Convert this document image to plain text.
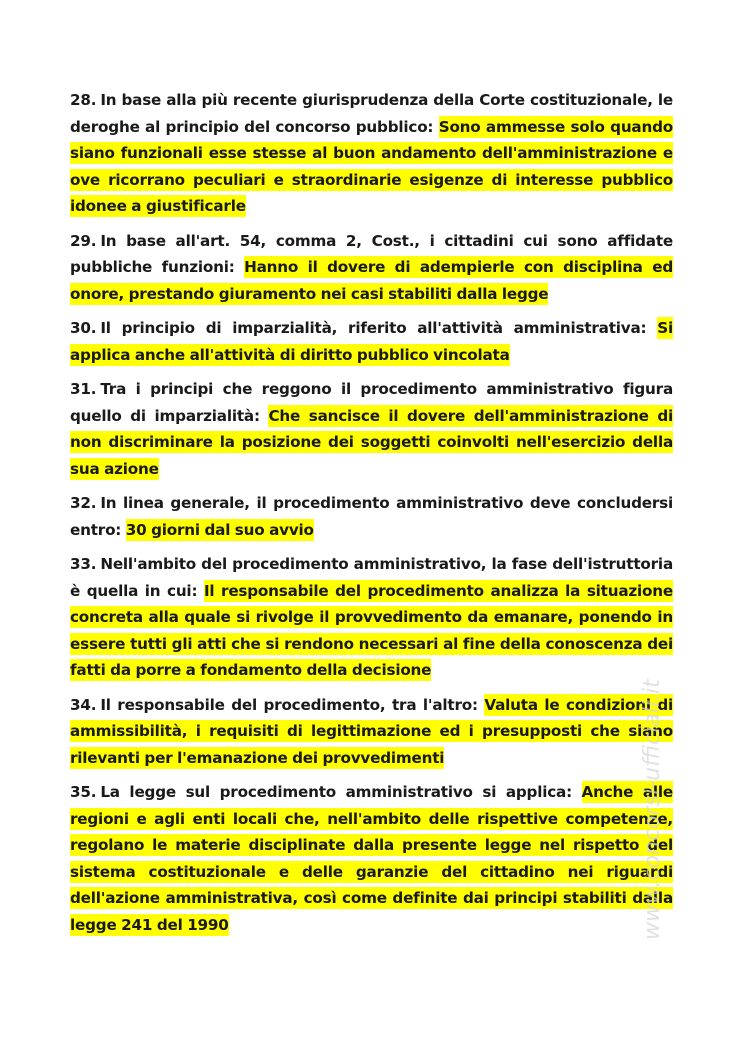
28. In base alla più recente giurisprudenza della Corte costituzionale, le deroghe al principio del concorso pubblico: Sono ammesse solo quando siano funzionali esse stesse al buon andamento dell'amministrazione e ove ricorrano peculiari e straordinarie esigenze di interesse pubblico idonee a giustificarle

29. In base all'art. 54, comma 2, Cost., i cittadini cui sono affidate pubbliche funzioni: Hanno il dovere di adempierle con disciplina ed onore, prestando giuramento nei casi stabiliti dalla legge

30. Il principio di imparzialità, riferito all'attività amministrativa: Si applica anche all'attività di diritto pubblico vincolata

31. Tra i principi che reggono il procedimento amministrativo figura quello di imparzialità: Che sancisce il dovere dell'amministrazione di non discriminare la posizione dei soggetti coinvolti nell'esercizio della sua azione

32. In linea generale, il procedimento amministrativo deve concludersi entro: 30 giorni dal suo avvio

33. Nell'ambito del procedimento amministrativo, la fase dell'istruttoria è quella in cui: Il responsabile del procedimento analizza la situazione concreta alla quale si rivolge il provvedimento da emanare, ponendo in essere tutti gli atti che si rendono necessari al fine della conoscenza dei fatti da porre a fondamento della decisione

34. Il responsabile del procedimento, tra l'altro: Valuta le condizioni di ammissibilità, i requisiti di legittimazione ed i presupposti che siano rilevanti per l'emanazione dei provvedimenti

35. La legge sul procedimento amministrativo si applica: Anche alle regioni e agli enti locali che, nell'ambito delle rispettive competenze, regolano le materie disciplinate dalla presente legge nel rispetto del sistema costituzionale e delle garanzie del cittadino nei riguardi dell'azione amministrativa, così come definite dai principi stabiliti dalla legge 241 del 1990	www.concorsi-ufficiali.it
